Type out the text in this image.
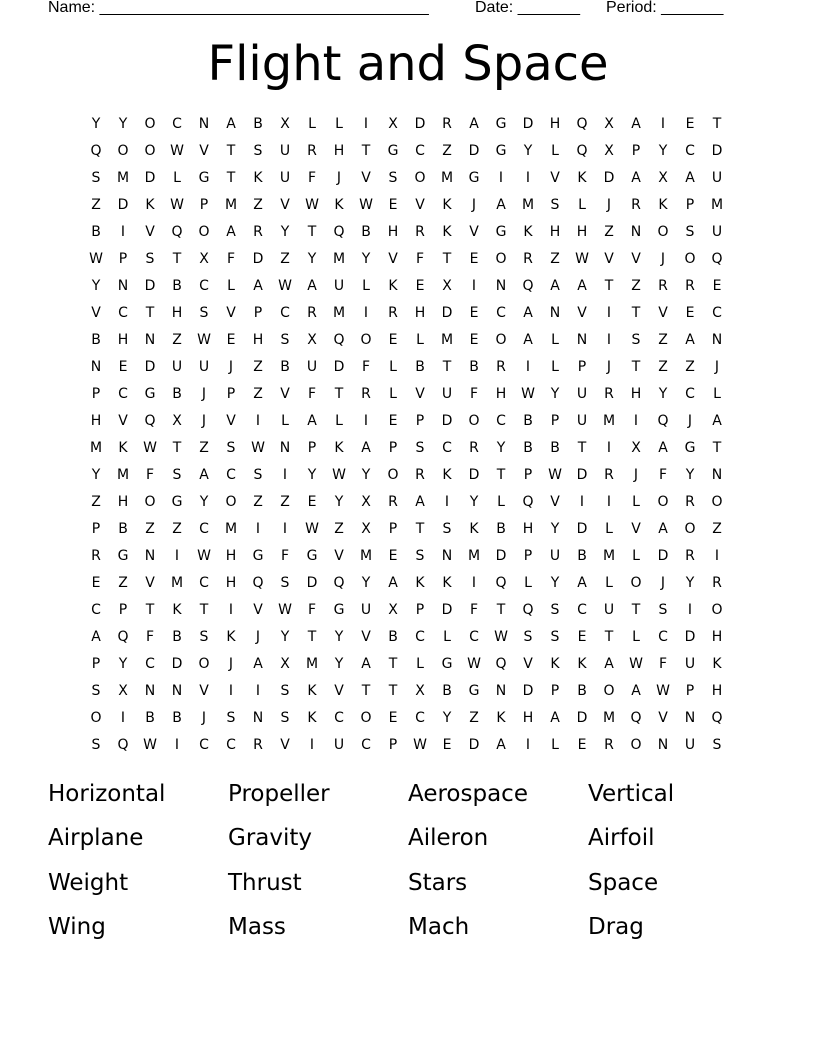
Name: _____________________________________	Date: _______ Period: _______
Flight and Space
Y	Y	O	C	N	A	B	X	L	L	I	X	D	R	A	G	D	H	Q	X	A	I	E	T
Q	O	O	W	V	T	S	U	R	H	T	G	C	Z	D	G	Y	L	Q	X	P	Y	C	D
S	M	D	L	G	T	K	U	F	J	V	S	O	M	G	I	I	V	K	D	A	X	A	U
Z	D	K	W	P	M	Z	V	W	K	W	E	V	K	J	A	M	S	L	J	R	K	P	M
B	I	V	Q	O	A	R	Y	T	Q	B	H	R	K	V	G	K	H	H	Z	N	O	S	U
W	P	S	T	X	F	D	Z	Y	M	Y	V	F	T	E	O	R	Z	W	V	V	J	O	Q
Y	N	D	B	C	L	A	W	A	U	L	K	E	X	I	N	Q	A	A	T	Z	R	R	E
V	C	T	H	S	V	P	C	R	M	I	R	H	D	E	C	A	N	V	I	T	V	E	C
B	H	N	Z	W	E	H	S	X	Q	O	E	L	M	E	O	A	L	N	I	S	Z	A	N
N	E	D	U	U	J	Z	B	U	D	F	L	B	T	B	R	I	L	P	J	T	Z	Z	J
P	C	G	B	J	P	Z	V	F	T	R	L	V	U	F	H	W	Y	U	R	H	Y	C	L
H	V	Q	X	J	V	I	L	A	L	I	E	P	D	O	C	B	P	U	M	I	Q	J	A
M	K	W	T	Z	S	W	N	P	K	A	P	S	C	R	Y	B	B	T	I	X	A	G	T
Y	M	F	S	A	C	S	I	Y	W	Y	O	R	K	D	T	P	W	D	R	J	F	Y	N
Z	H	O	G	Y	O	Z	Z	E	Y	X	R	A	I	Y	L	Q	V	I	I	L	O	R	O
P	B	Z	Z	C	M	I	I	W	Z	X	P	T	S	K	B	H	Y	D	L	V	A	O	Z
R	G	N	I	W	H	G	F	G	V	M	E	S	N	M	D	P	U	B	M	L	D	R	I
E	Z	V	M	C	H	Q	S	D	Q	Y	A	K	K	I	Q	L	Y	A	L	O	J	Y	R
C	P	T	K	T	I	V	W	F	G	U	X	P	D	F	T	Q	S	C	U	T	S	I	O
A	Q	F	B	S	K	J	Y	T	Y	V	B	C	L	C	W	S	S	E	T	L	C	D	H
P	Y	C	D	O	J	A	X	M	Y	A	T	L	G	W	Q	V	K	K	A	W	F	U	K
S	X	N	N	V	I	I	S	K	V	T	T	X	B	G	N	D	P	B	O	A	W	P	H
O	I	B	B	J	S	N	S	K	C	O	E	C	Y	Z	K	H	A	D	M	Q	V	N	Q
S	Q	W	I	C	C	R	V	I	U	C	P	W	E	D	A	I	L	E	R	O	N	U	S
Horizontal	Propeller	Aerospace	Vertical
Airplane	Gravity	Aileron	Airfoil
Weight	Thrust	Stars	Space
Wing	Mass	Mach	Drag
